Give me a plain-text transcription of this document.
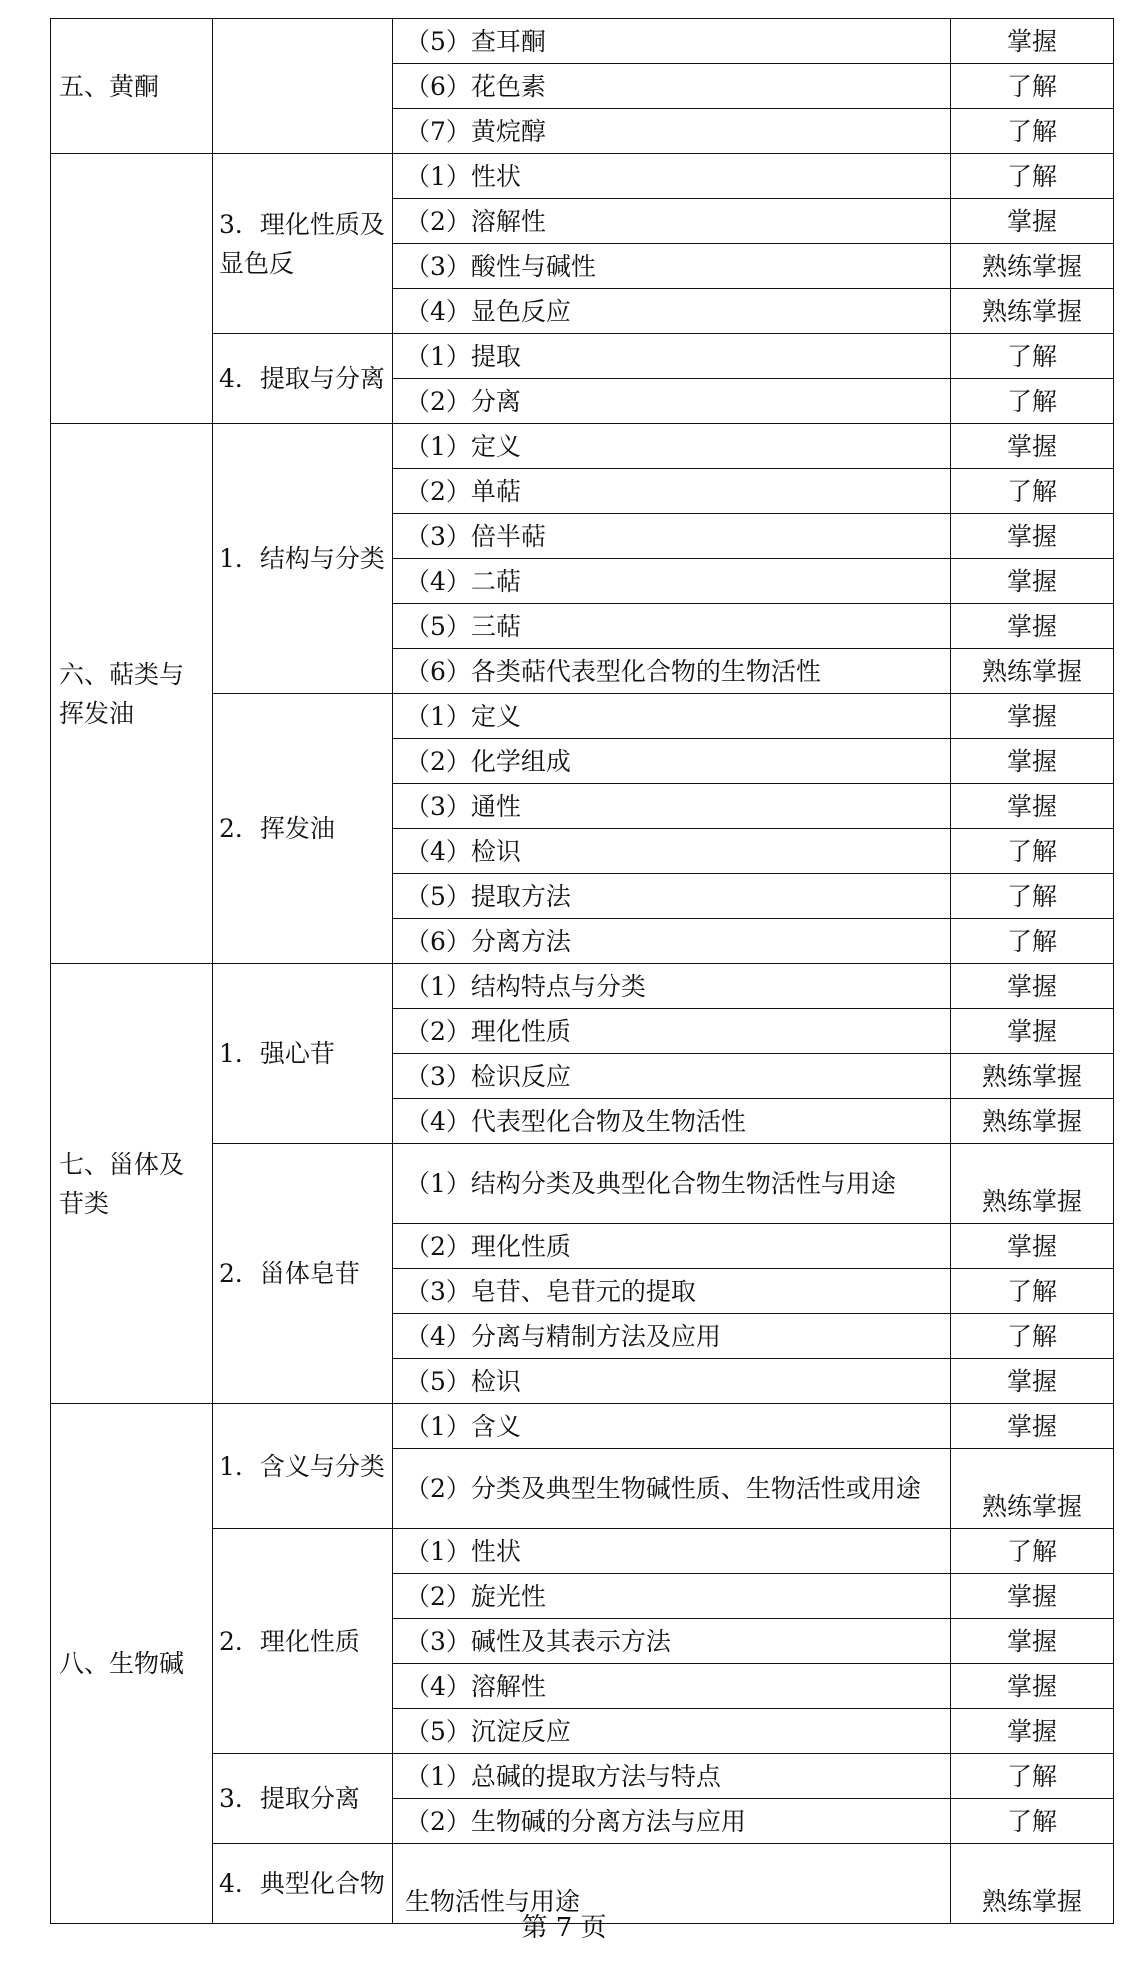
五、黄酮		（5）查耳酮	掌握
		（6）花色素	了解
		（7）黄烷醇	了解
	3．理化性质及显色反	（1）性状	了解
		（2）溶解性	掌握
		（3）酸性与碱性	熟练掌握
		（4）显色反应	熟练掌握
	4．提取与分离	（1）提取	了解
		（2）分离	了解
六、萜类与挥发油	1．结构与分类	（1）定义	掌握
		（2）单萜	了解
		（3）倍半萜	掌握
		（4）二萜	掌握
		（5）三萜	掌握
		（6）各类萜代表型化合物的生物活性	熟练掌握
	2．挥发油	（1）定义	掌握
		（2）化学组成	掌握
		（3）通性	掌握
		（4）检识	了解
		（5）提取方法	了解
		（6）分离方法	了解
七、甾体及苷类	1．强心苷	（1）结构特点与分类	掌握
		（2）理化性质	掌握
		（3）检识反应	熟练掌握
		（4）代表型化合物及生物活性	熟练掌握
	2．甾体皂苷	（1）结构分类及典型化合物生物活性与用途	熟练掌握
		（2）理化性质	掌握
		（3）皂苷、皂苷元的提取	了解
		（4）分离与精制方法及应用	了解
		（5）检识	掌握
八、生物碱	1．含义与分类	（1）含义	掌握
		（2）分类及典型生物碱性质、生物活性或用途	熟练掌握
	2．理化性质	（1）性状	了解
		（2）旋光性	掌握
		（3）碱性及其表示方法	掌握
		（4）溶解性	掌握
		（5）沉淀反应	掌握
	3．提取分离	（1）总碱的提取方法与特点	了解
		（2）生物碱的分离方法与应用	了解
	4．典型化合物	生物活性与用途	熟练掌握
第 7 页
